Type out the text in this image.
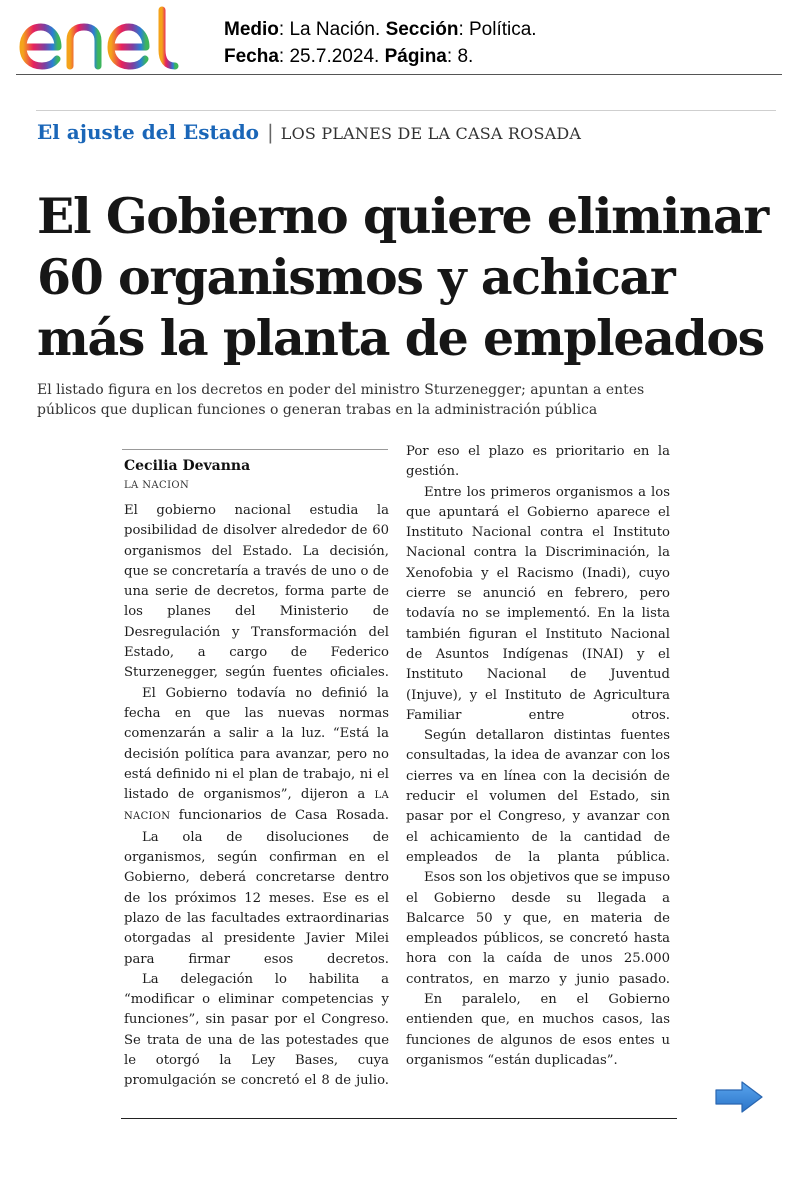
Medio: La Nación. Sección: Política.
Fecha: 25.7.2024. Página: 8.
El ajuste del Estado | LOS PLANES DE LA CASA ROSADA
El Gobierno quiere eliminar
60 organismos y achicar
más la planta de empleados
El listado figura en los decretos en poder del ministro Sturzenegger; apuntan a entes
públicos que duplican funciones o generan trabas en la administración pública
Cecilia Devanna
LA NACION

El gobierno nacional estudia la posibilidad de disolver alrededor de 60 organismos del Estado. La decisión, que se concretaría a través de uno o de una serie de decretos, forma parte de los planes del Ministerio de Desregulación y Transformación del Estado, a cargo de Federico Sturzenegger, según fuentes oficiales.

El Gobierno todavía no definió la fecha en que las nuevas normas comenzarán a salir a la luz. “Está la decisión política para avanzar, pero no está definido ni el plan de trabajo, ni el listado de organismos”, dijeron a LA NACION funcionarios de Casa Rosada.

La ola de disoluciones de organismos, según confirman en el Gobierno, deberá concretarse dentro de los próximos 12 meses. Ese es el plazo de las facultades extraordinarias otorgadas al presidente Javier Milei para firmar esos decretos.

La delegación lo habilita a “modificar o eliminar competencias y funciones”, sin pasar por el Congreso. Se trata de una de las potestades que le otorgó la Ley Bases, cuya promulgación se concretó el 8 de julio.

Por eso el plazo es prioritario en la gestión.

Entre los primeros organismos a los que apuntará el Gobierno aparece el Instituto Nacional contra el Instituto Nacional contra la Discriminación, la Xenofobia y el Racismo (Inadi), cuyo cierre se anunció en febrero, pero todavía no se implementó. En la lista también figuran el Instituto Nacional de Asuntos Indígenas (INAI) y el Instituto Nacional de Juventud (Injuve), y el Instituto de Agricultura Familiar entre otros.

Según detallaron distintas fuentes consultadas, la idea de avanzar con los cierres va en línea con la decisión de reducir el volumen del Estado, sin pasar por el Congreso, y avanzar con el achicamiento de la cantidad de empleados de la planta pública.

Esos son los objetivos que se impuso el Gobierno desde su llegada a Balcarce 50 y que, en materia de empleados públicos, se concretó hasta hora con la caída de unos 25.000 contratos, en marzo y junio pasado.

En paralelo, en el Gobierno entienden que, en muchos casos, las funciones de algunos de esos entes u organismos “están duplicadas”.
